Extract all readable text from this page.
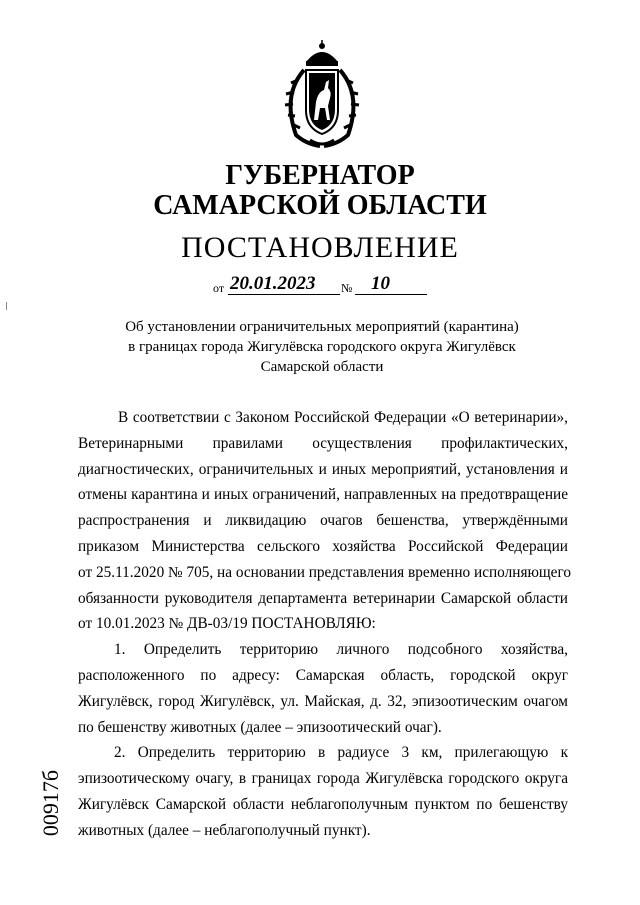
ГУБЕРНАТОР
САМАРСКОЙ ОБЛАСТИ
ПОСТАНОВЛЕНИЕ
от 20.01.2023 № 10
Об установлении ограничительных мероприятий (карантина)
в границах города Жигулёвска городского округа Жигулёвск
Самарской области
В соответствии с Законом Российской Федерации «О ветеринарии»,
Ветеринарными правилами осуществления профилактических,
диагностических, ограничительных и иных мероприятий, установления и
отмены карантина и иных ограничений, направленных на предотвращение
распространения и ликвидацию очагов бешенства, утверждёнными
приказом Министерства сельского хозяйства Российской Федерации
от 25.11.2020 № 705, на основании представления временно исполняющего
обязанности руководителя департамента ветеринарии Самарской области
от 10.01.2023 № ДВ-03/19 ПОСТАНОВЛЯЮ:
1. Определить территорию личного подсобного хозяйства,
расположенного по адресу: Самарская область, городской округ
Жигулёвск, город Жигулёвск, ул. Майская, д. 32, эпизоотическим очагом
по бешенству животных (далее – эпизоотический очаг).
2. Определить территорию в радиусе 3 км, прилегающую к
эпизоотическому очагу, в границах города Жигулёвска городского округа
Жигулёвск Самарской области неблагополучным пунктом по бешенству
животных (далее – неблагополучный пункт).
00917б
